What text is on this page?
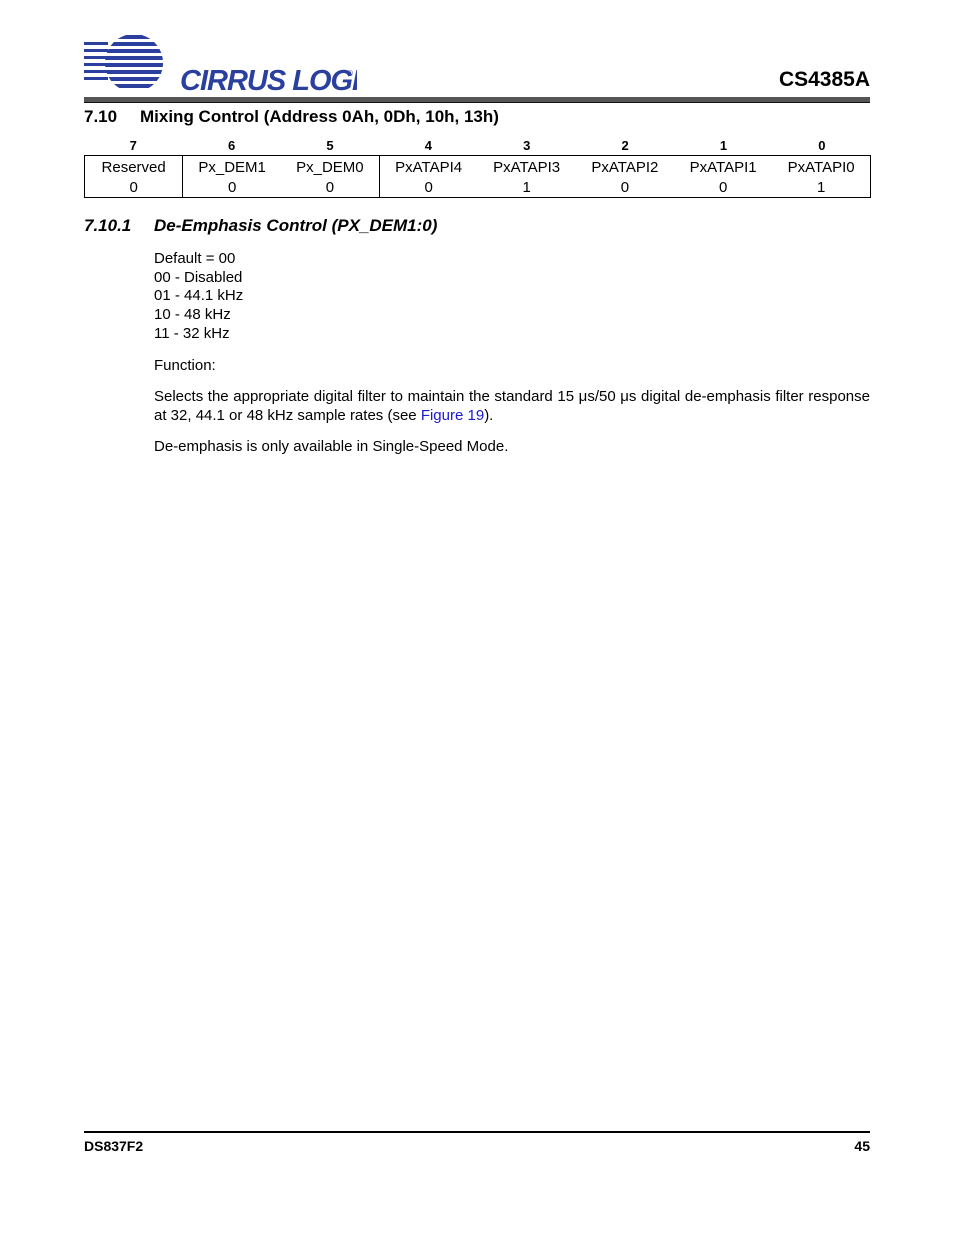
CIRRUS LOG
®	CS4385A
7.10 Mixing Control (Address 0Ah, 0Dh, 10h, 13h)
7	6	5	4	3	2	1	0
Reserved	Px_DEM1	Px_DEM0	PxATAPI4	PxATAPI3	PxATAPI2	PxATAPI1	PxATAPI0
0	0	0	0	1	0	0	1
7.10.1 De-Emphasis Control (PX_DEM1:0)
Default = 00
00 - Disabled
01 - 44.1 kHz
10 - 48 kHz
11 - 32 kHz
Function:
Selects the appropriate digital filter to maintain the standard 15 μs/50 μs digital de-emphasis filter response at 32, 44.1 or 48 kHz sample rates (see Figure 19).
De-emphasis is only available in Single-Speed Mode.
DS837F2	45
